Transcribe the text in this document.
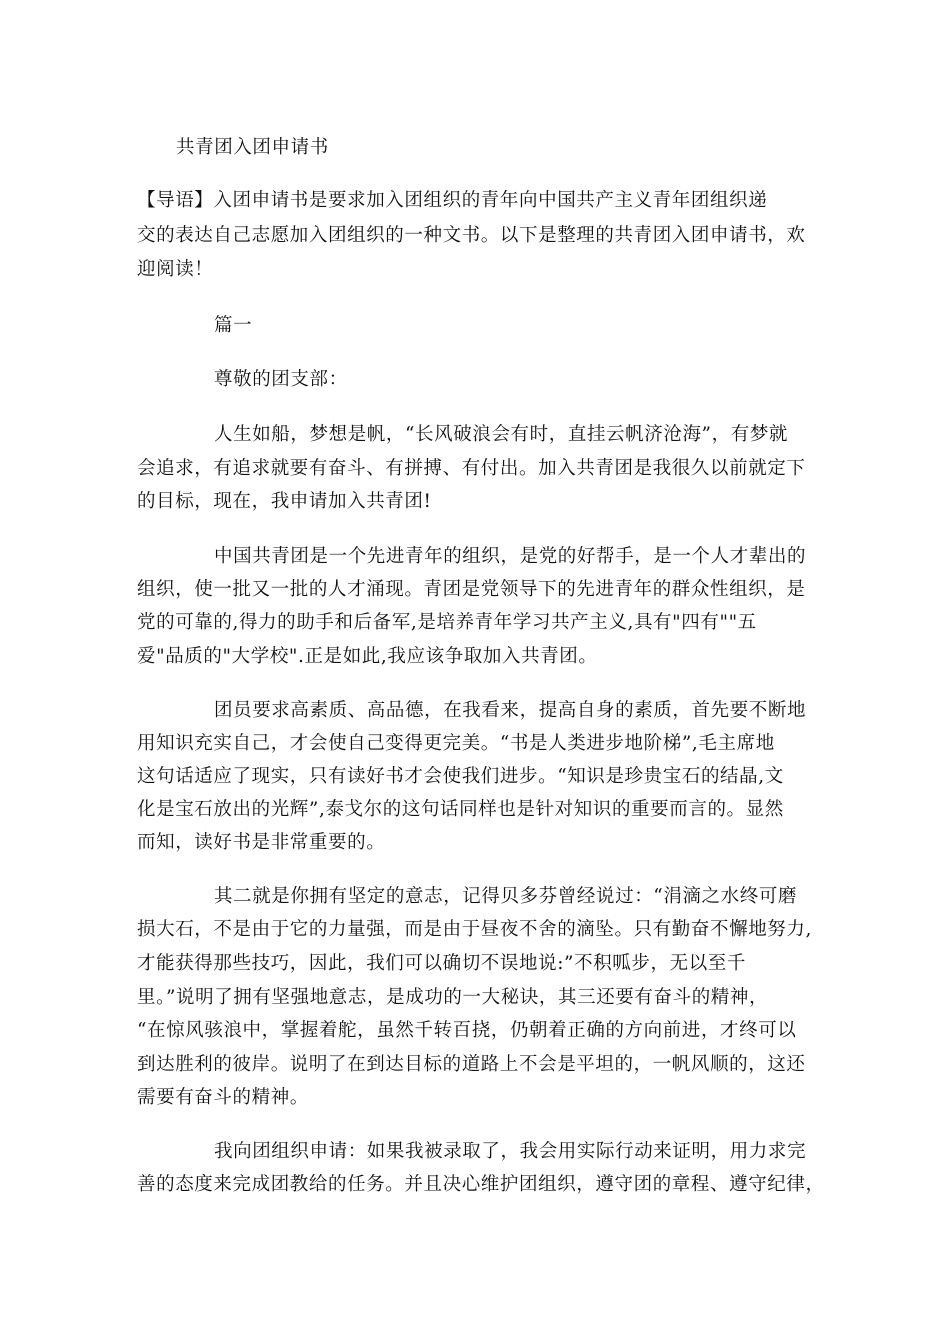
共青团入团申请书
【导语】入团申请书是要求加入团组织的青年向中国共产主义青年团组织递
交的表达自己志愿加入团组织的一种文书。以下是整理的共青团入团申请书，欢
迎阅读！
篇一
尊敬的团支部：
人生如船，梦想是帆，“长风破浪会有时，直挂云帆济沧海”，有梦就
会追求，有追求就要有奋斗、有拼搏、有付出。加入共青团是我很久以前就定下
的目标，现在，我申请加入共青团!
中国共青团是一个先进青年的组织，是党的好帮手，是一个人才辈出的
组织，使一批又一批的人才涌现。青团是党领导下的先进青年的群众性组织，是
党的可靠的,得力的助手和后备军,是培养青年学习共产主义,具有"四有""五
爱"品质的"大学校".正是如此,我应该争取加入共青团。
团员要求高素质、高品德，在我看来，提高自身的素质，首先要不断地
用知识充实自己，才会使自己变得更完美。“书是人类进步地阶梯”,毛主席地
这句话适应了现实，只有读好书才会使我们进步。“知识是珍贵宝石的结晶,文
化是宝石放出的光辉”,泰戈尔的这句话同样也是针对知识的重要而言的。显然
而知，读好书是非常重要的。
其二就是你拥有坚定的意志，记得贝多芬曾经说过：“涓滴之水终可磨
损大石，不是由于它的力量强，而是由于昼夜不舍的滴坠。只有勤奋不懈地努力,
才能获得那些技巧，因此，我们可以确切不误地说:”不积呱步，无以至千
里。”说明了拥有坚强地意志，是成功的一大秘诀，其三还要有奋斗的精神，
“在惊风骇浪中，掌握着舵，虽然千转百挠，仍朝着正确的方向前进，才终可以
到达胜利的彼岸。说明了在到达目标的道路上不会是平坦的，一帆风顺的，这还
需要有奋斗的精神。
我向团组织申请：如果我被录取了，我会用实际行动来证明，用力求完
善的态度来完成团教给的任务。并且决心维护团组织，遵守团的章程、遵守纪律，
